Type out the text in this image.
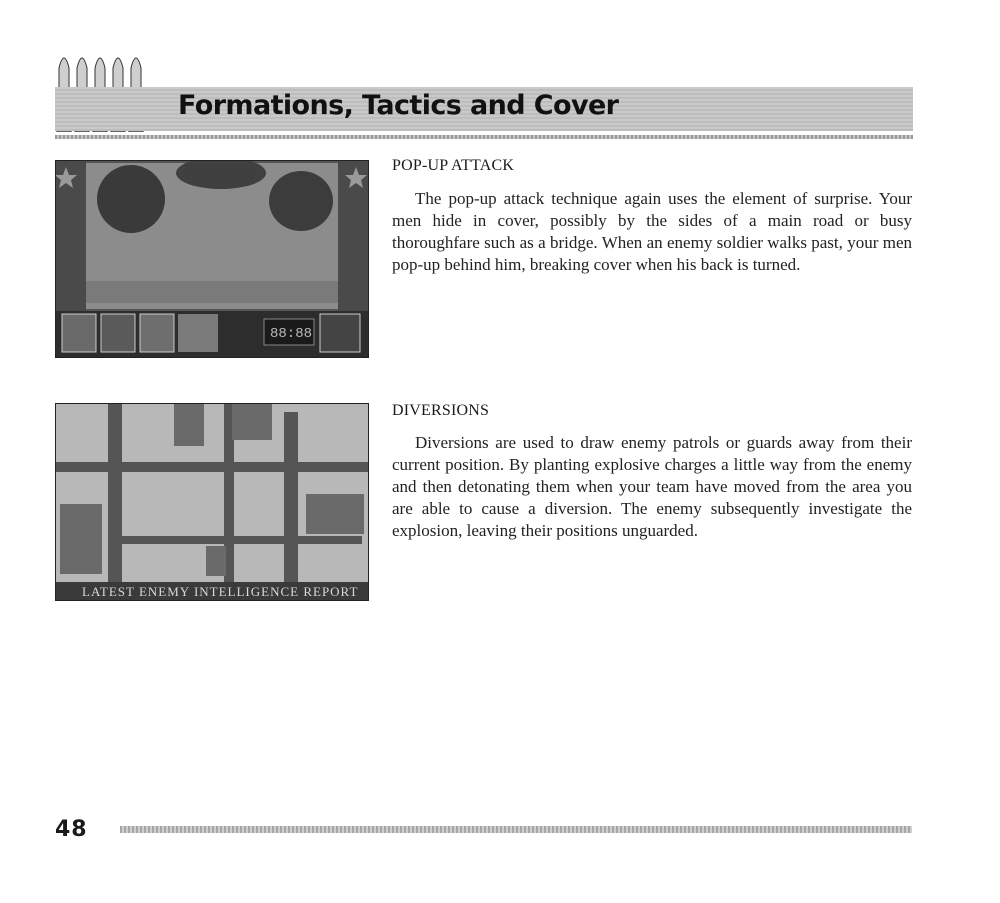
Formations, Tactics and Cover
88:88
LATEST ENEMY INTELLIGENCE REPORT
POP-UP ATTACK

The pop-up attack technique again uses the element of surprise. Your men hide in cover, possibly by the sides of a main road or busy thoroughfare such as a bridge. When an enemy soldier walks past, your men pop-up behind him, breaking cover when his back is turned.

DIVERSIONS

Diversions are used to draw enemy patrols or guards away from their current position. By planting explosive charges a little way from the enemy and then detonating them when your team have moved from the area you are able to cause a diversion. The enemy subsequently investigate the explosion, leaving their positions unguarded.

48
